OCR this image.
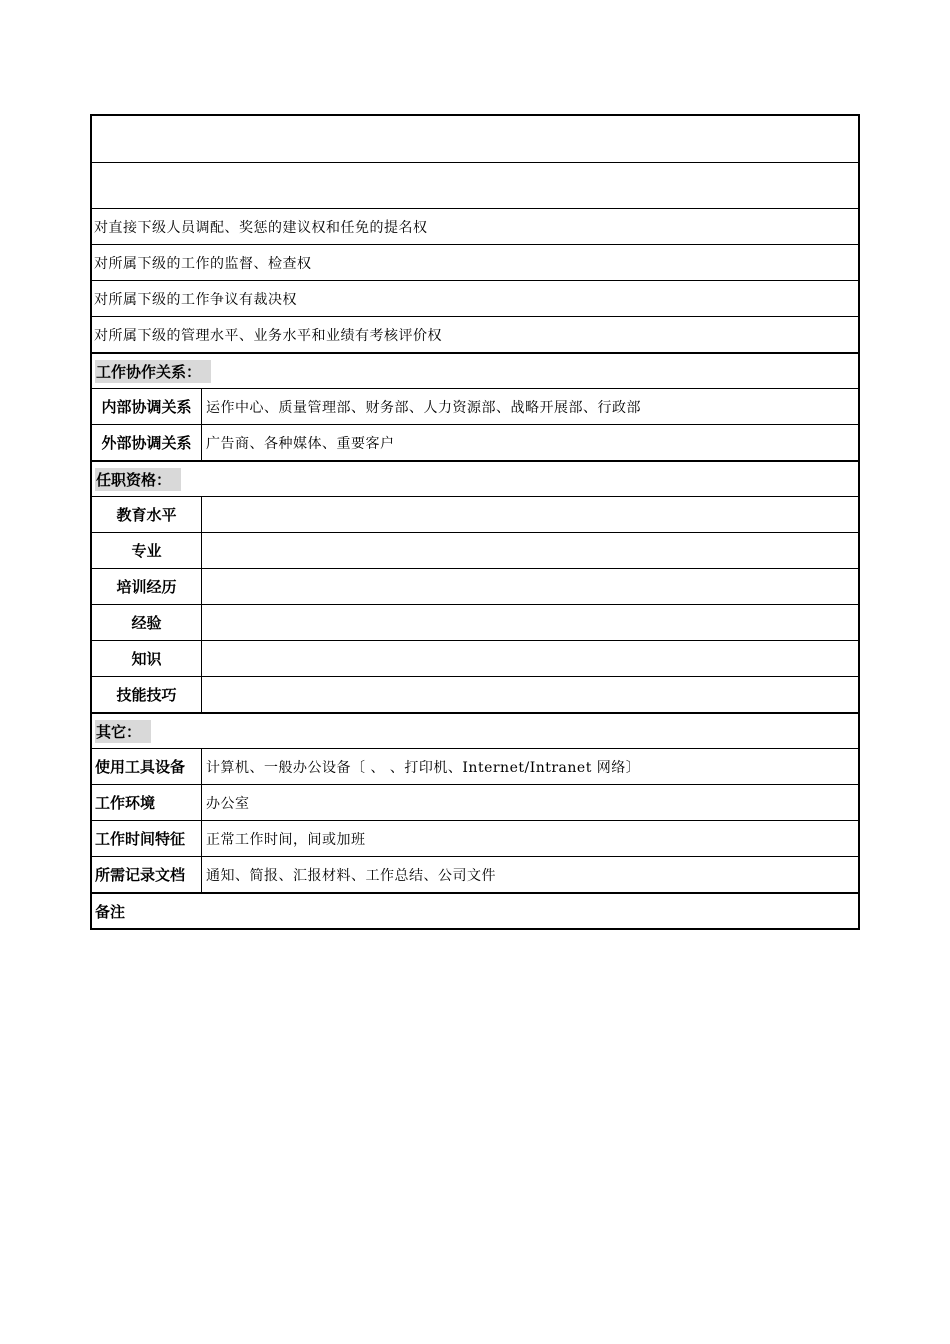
对直接下级人员调配、奖惩的建议权和任免的提名权
对所属下级的工作的监督、检查权
对所属下级的工作争议有裁决权
对所属下级的管理水平、业务水平和业绩有考核评价权
工作协作关系：
内部协调关系	运作中心、质量管理部、财务部、人力资源部、战略开展部、行政部
外部协调关系	广告商、各种媒体、重要客户
任职资格：
教育水平
专业
培训经历
经验
知识
技能技巧
其它：
使用工具设备	计算机、一般办公设备〔 、 、打印机、Internet/Intranet 网络〕
工作环境	办公室
工作时间特征	正常工作时间，间或加班
所需记录文档	通知、简报、汇报材料、工作总结、公司文件
备注
